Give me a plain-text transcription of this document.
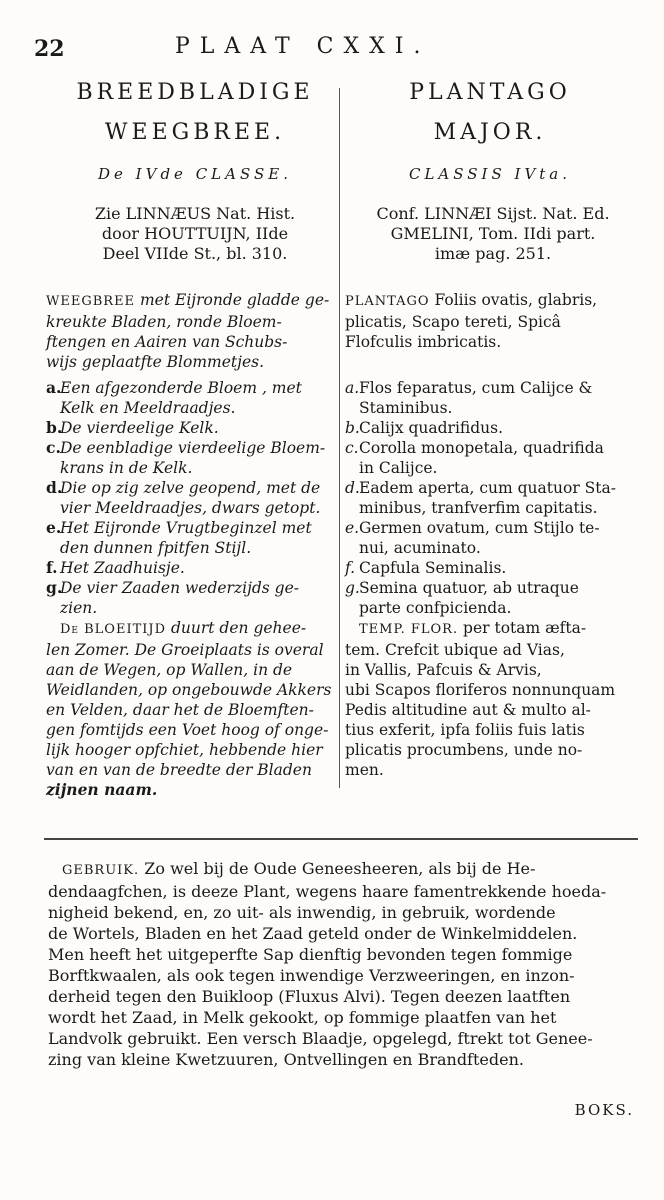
22	PLAAT CXXI.
BREEDBLADIGE
WEEGBREE.
PLANTAGO
MAJOR.
De IVde CLASSE.	CLASSIS IVta.
Zie LINNÆUS Nat. Hist.
door HOUTTUIJN, IIde
Deel VIIde St., bl. 310.
Conf. LINNÆI Sijst. Nat. Ed.
GMELINI, Tom. IIdi part.
imæ pag. 251.

WEEGBREE met Eijronde gladde ge-

kreukte Bladen, ronde Bloem-

ftengen en Aairen van Schubs-

wijs geplaatfte Blommetjes.

a.

Een afgezonderde Bloem , met

Kelk en Meeldraadjes.

b.

De vierdeelige Kelk.

c. De eenbladige vierdeelige Bloem-

krans in de Kelk.

d.

Die op zig zelve geopend, met de

vier Meeldraadjes, dwars getopt.

e.

Het Eijronde Vrugtbeginzel met

den dunnen fpitfen Stijl.

f. Het Zaadhuisje.

g.

De vier Zaaden wederzijds ge-

zien.

De BLOEITIJD duurt den gehee-

len Zomer. De Groeiplaats is overal

aan de Wegen, op Wallen, in de

Weidlanden, op ongebouwde Akkers

en Velden, daar het de Bloemften-

gen fomtijds een Voet hoog of onge-

lijk hooger opfchiet, hebbende hier

van en van de breedte der Bladen

zijnen naam.

PLANTAGO Foliis ovatis, glabris,

plicatis, Scapo tereti, Spicâ

Flofculis imbricatis.

a. Flos feparatus, cum Calijce &

Staminibus.

b. Calijx quadrifidus.

c. Corolla monopetala, quadrifida

in Calijce.

d. Eadem aperta, cum quatuor Sta-

minibus, tranfverfim capitatis.

e. Germen ovatum, cum Stijlo te-

nui, acuminato.

f. Capfula Seminalis.

g. Semina quatuor, ab utraque

parte confpicienda.

TEMP. FLOR. per totam æfta-

tem. Crefcit ubique ad Vias,

in Vallis, Pafcuis & Arvis,

ubi Scapos floriferos nonnunquam

Pedis altitudine aut & multo al-

tius exferit, ipfa foliis fuis latis

plicatis procumbens, unde no-

men.

GEBRUIK. Zo wel bij de Oude Geneesheeren, als bij de He-
dendaagfchen, is deeze Plant, wegens haare famentrekkende hoeda-
nigheid bekend, en, zo uit- als inwendig, in gebruik, wordende
de Wortels, Bladen en het Zaad geteld onder de Winkelmiddelen.
Men heeft het uitgeperfte Sap dienftig bevonden tegen fommige
Borftkwaalen, als ook tegen inwendige Verzweeringen, en inzon-
derheid tegen den Buikloop (Fluxus Alvi). Tegen deezen laatften
wordt het Zaad, in Melk gekookt, op fommige plaatfen van het
Landvolk gebruikt. Een versch Blaadje, opgelegd, ftrekt tot Genee-
zing van kleine Kwetzuuren, Ontvellingen en Brandfteden.
BOKS.
